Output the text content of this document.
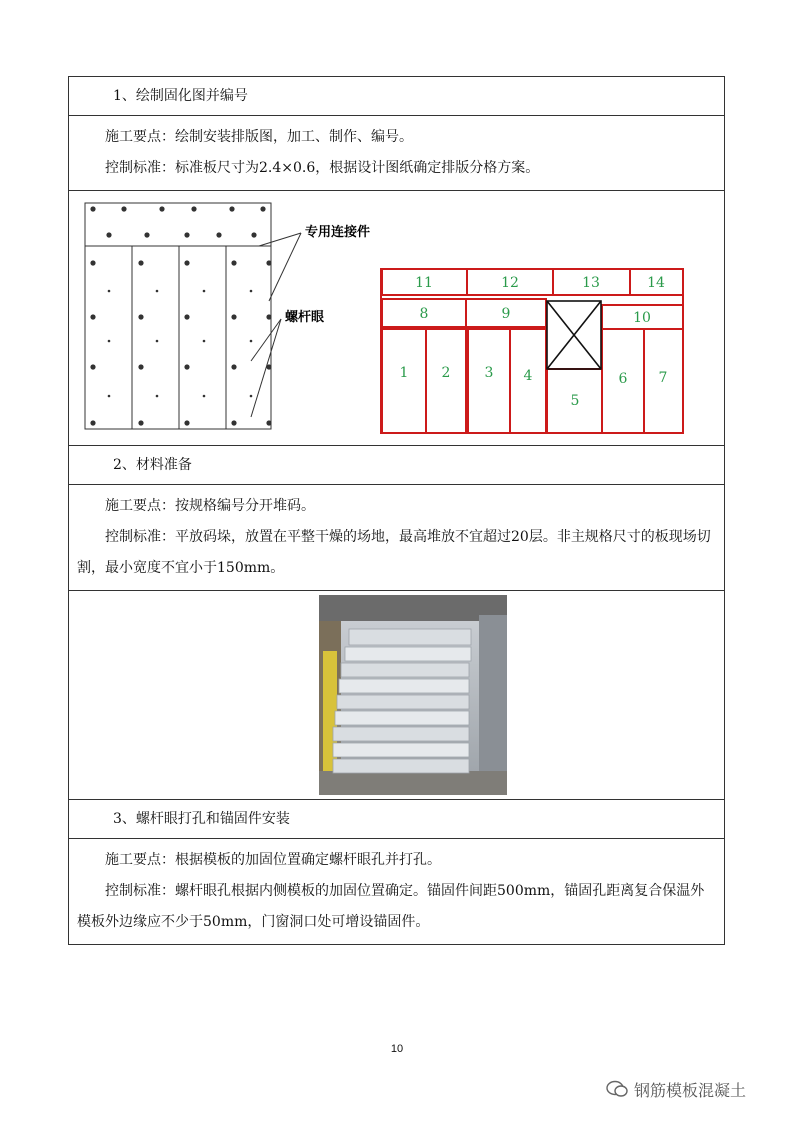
1、绘制固化图并编号

施工要点：绘制安装排版图，加工、制作、编号。

控制标准：标准板尺寸为2.4×0.6，根据设计图纸确定排版分格方案。

专用连接件
螺杆眼
11	12	13	14
8	9	10
1 2 3 4
5
6 7

2、材料准备

施工要点：按规格编号分开堆码。

控制标准：平放码垛，放置在平整干燥的场地，最高堆放不宜超过20层。非主规格尺寸的板现场切割，最小宽度不宜小于150mm。

3、螺杆眼打孔和锚固件安装

施工要点：根据模板的加固位置确定螺杆眼孔并打孔。

控制标准：螺杆眼孔根据内侧模板的加固位置确定。锚固件间距500mm，锚固孔距离复合保温外模板外边缘应不少于50mm，门窗洞口处可增设锚固件。

10
钢筋模板混凝土
